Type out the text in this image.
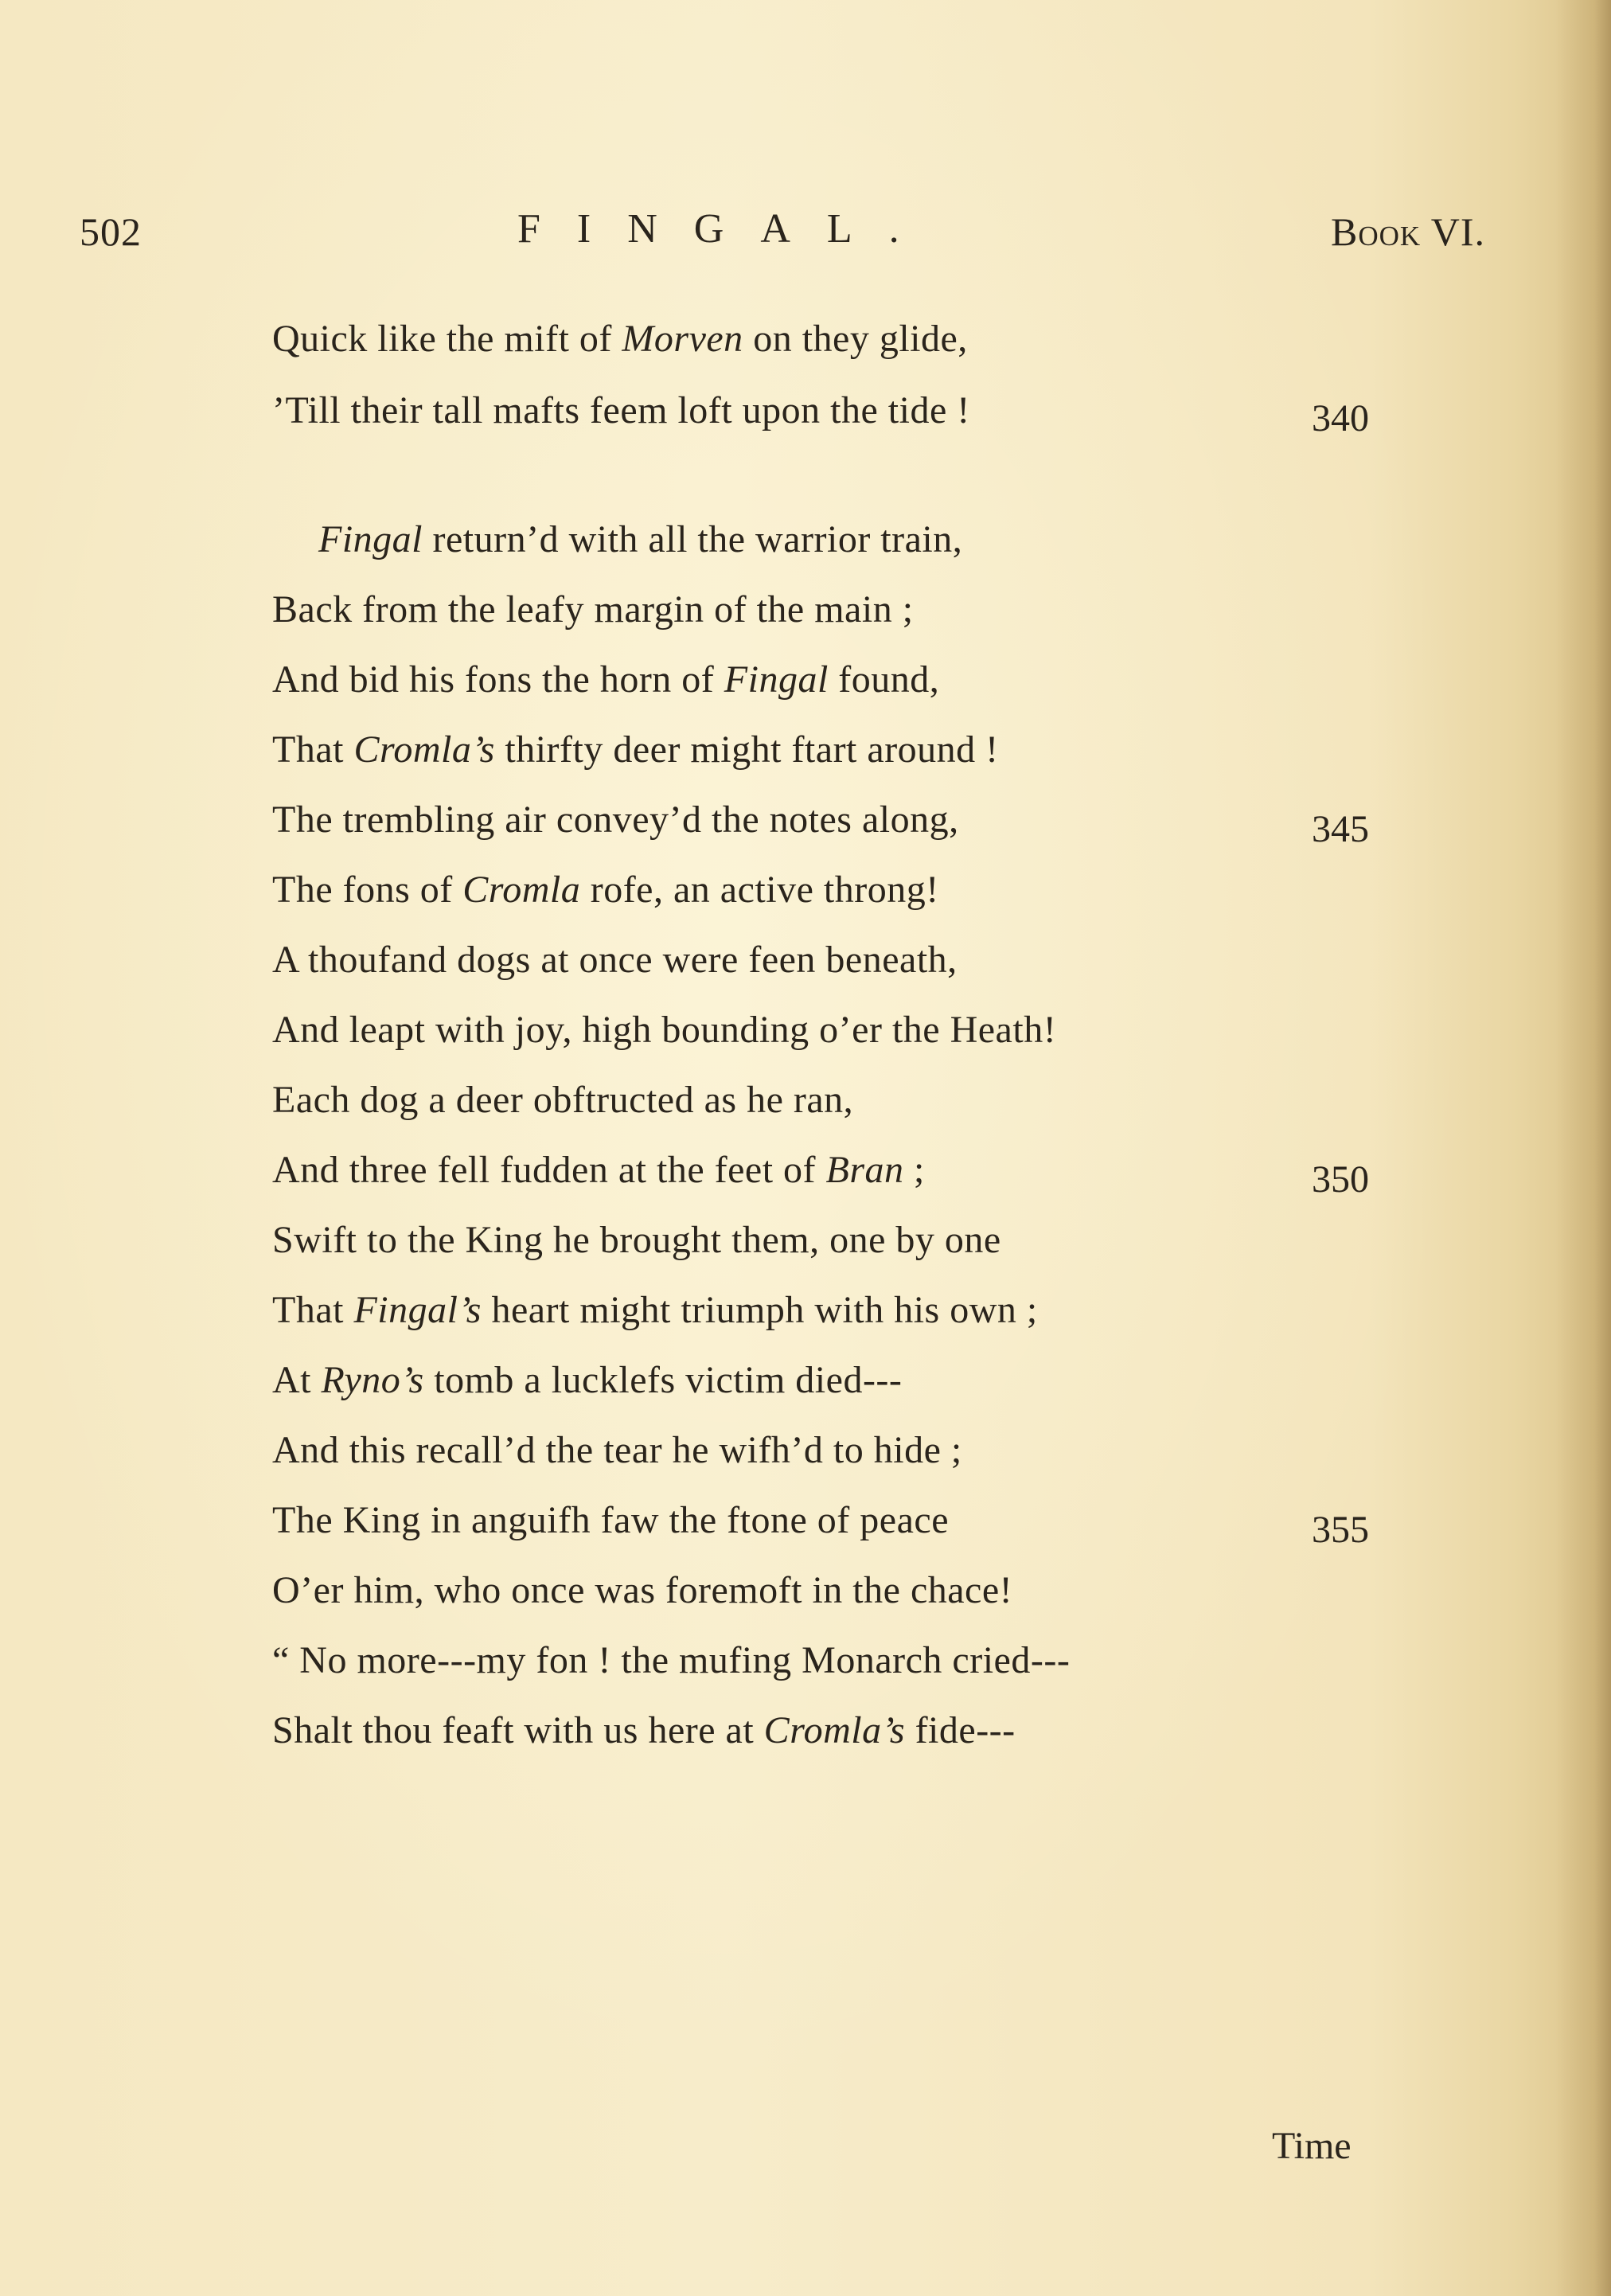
502	FINGAL.	Book VI.
Quick like the mift of Morven on they glide,
’Till their tall mafts feem loft upon the tide !
Fingal return’d with all the warrior train,
Back from the leafy margin of the main ;
And bid his fons the horn of Fingal found,
That Cromla’s thirfty deer might ftart around !
The trembling air convey’d the notes along,
The fons of Cromla rofe, an active throng!
A thoufand dogs at once were feen beneath,
And leapt with joy, high bounding o’er the Heath!
Each dog a deer obftructed as he ran,
And three fell fudden at the feet of Bran ;
Swift to the King he brought them, one by one
That Fingal’s heart might triumph with his own ;
At Ryno’s tomb a lucklefs victim died---
And this recall’d the tear he wifh’d to hide ;
The King in anguifh faw the ftone of peace
O’er him, who once was foremoft in the chace!
“ No more---my fon ! the mufing Monarch cried---
Shalt thou feaft with us here at Cromla’s fide---
340
345
350
355
Time
